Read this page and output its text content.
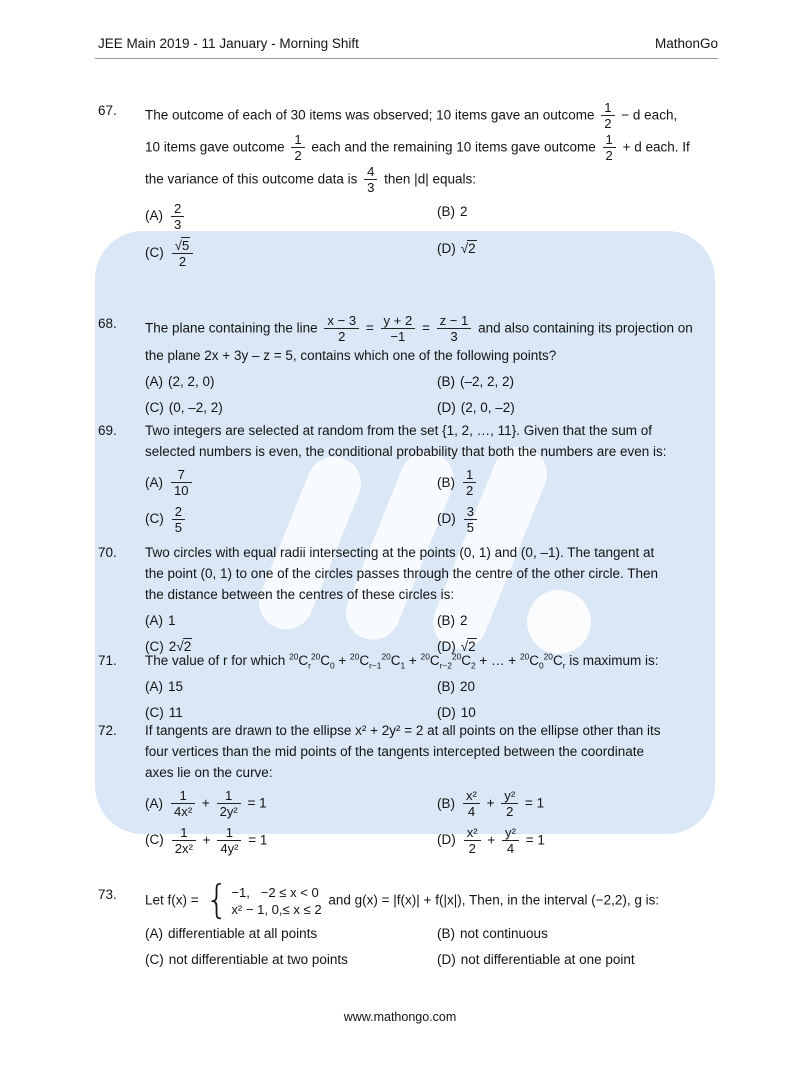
JEE Main 2019 - 11 January - Morning Shift	MathonGo
67. The outcome of each of 30 items was observed; 10 items gave an outcome $\frac{1}{2} - d$ each,
10 items gave outcome $\frac{1}{2}$ each and the remaining 10 items gave outcome $\frac{1}{2} + d$ each. If
the variance of this outcome data is $\frac{4}{3}$ then |d| equals:
$(A) \frac{2}{3}$	(B) 2
$(C) \frac{√5}{2}$	(D) √2
68. The plane containing the line $\frac{x - 3}{2} = \frac{y + 2}{-1} = \frac{z - 1}{3}$ and also containing its projection on
the plane 2x + 3y – z = 5, contains which one of the following points?
(A) (2, 2, 0)	(B) (–2, 2, 2)
(C) (0, –2, 2)	(D) (2, 0, –2)
69. Two integers are selected at random from the set {1, 2, …, 11}. Given that the sum of
selected numbers is even, the conditional probability that both the numbers are even is:
$(A) \frac{7}{10}$	$(B) \frac{1}{2}$
$(C) \frac{2}{5}$	$(D) \frac{3}{5}$
70. Two circles with equal radii intersecting at the points (0, 1) and (0, –1). The tangent at
the point (0, 1) to one of the circles passes through the centre of the other circle. Then
the distance between the centres of these circles is:
(A) 1	(B) 2
(C) 2√2	(D) √2
71. The value of r for which $^{20}C_r^{20}C_0 + ^{20}C_{r-1}^{20}C_1 + ^{20}C_{r-2}^{20}C_2$ + … + $^{20}C_0^{20}C_r$ is maximum is:
(A) 15	(B) 20
(C) 11	(D) 10
72. If tangents are drawn to the ellipse x² + 2y² = 2 at all points on the ellipse other than its
four vertices than the mid points of the tangents intercepted between the coordinate
axes lie on the curve:
$(A) \frac{1}{\text{4x²}} + \frac{1}{\text{2y²}} = 1$	$(B) \frac{\text{x²}}{4} + \frac{\text{y²}}{2} = 1$
$(C) \frac{1}{\text{2x²}} + \frac{1}{\text{4y²}} = 1$	$(D) \frac{\text{x²}}{2} + \frac{\text{y²}}{4} = 1$
73. Let f(x) = { −1,   −2 ≤ x < 0
x² − 1, 0,≤ x ≤ 2
and g(x) = |f(x)| + f(|x|), Then, in the interval (−2,2), g is:
(A) differentiable at all points	(B) not continuous
(C) not differentiable at two points	(D) not differentiable at one point
www.mathongo.com
